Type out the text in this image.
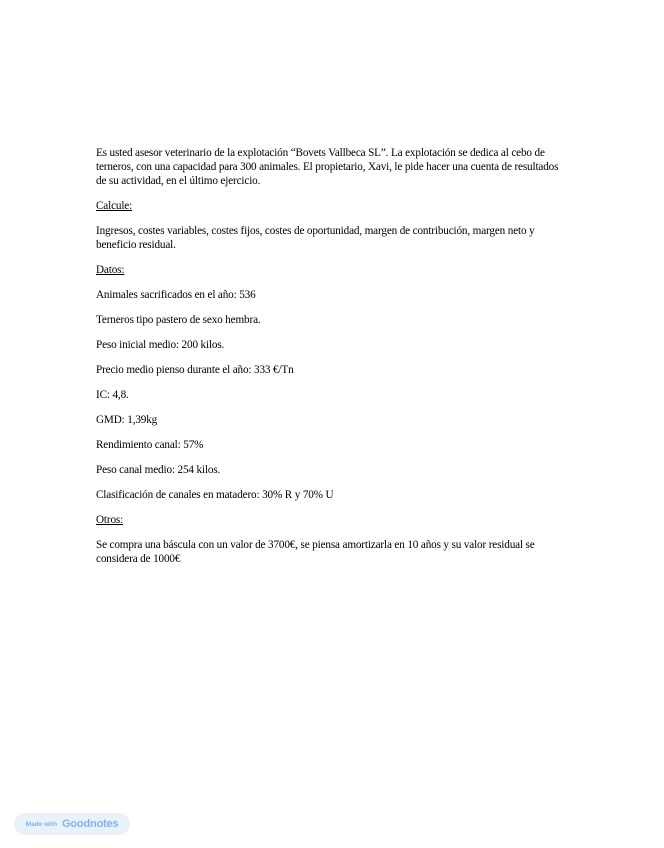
Es usted asesor veterinario de la explotación “Bovets Vallbeca SL”. La explotación se dedica al cebo de terneros, con una capacidad para 300 animales. El propietario, Xavi, le pide hacer una cuenta de resultados de su actividad, en el último ejercicio.

Calcule:

Ingresos, costes variables, costes fijos, costes de oportunidad, margen de contribución, margen neto y beneficio residual.

Datos:

Animales sacrificados en el año: 536

Terneros tipo pastero de sexo hembra.

Peso inicial medio: 200 kilos.

Precio medio pienso durante el año: 333 €/Tn

IC: 4,8.

GMD: 1,39kg

Rendimiento canal: 57%

Peso canal medio: 254 kilos.

Clasificación de canales en matadero: 30% R y 70% U

Otros:

Se compra una báscula con un valor de 3700€, se piensa amortizarla en 10 años y su valor residual se considera de 1000€

Made with Goodnotes
